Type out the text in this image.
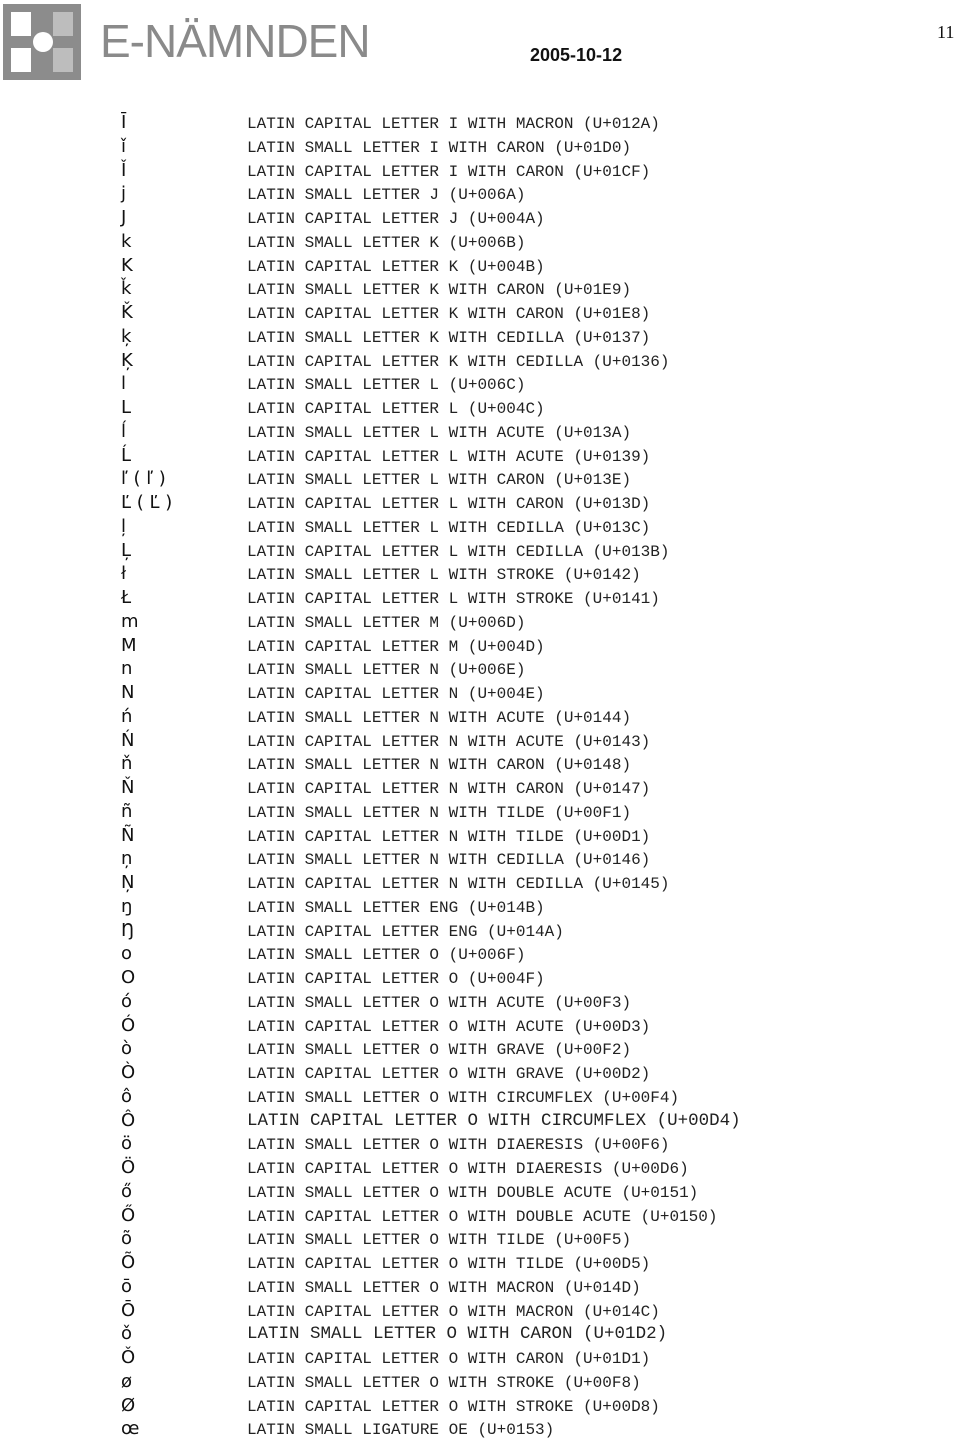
E-NÄMNDEN	2005-10-12
11
Ī	LATIN CAPITAL LETTER I WITH MACRON (U+012A)
ǐ	LATIN SMALL LETTER I WITH CARON (U+01D0)
Ǐ	LATIN CAPITAL LETTER I WITH CARON (U+01CF)
j	LATIN SMALL LETTER J (U+006A)
J	LATIN CAPITAL LETTER J (U+004A)
k	LATIN SMALL LETTER K (U+006B)
K	LATIN CAPITAL LETTER K (U+004B)
ǩ	LATIN SMALL LETTER K WITH CARON (U+01E9)
Ǩ	LATIN CAPITAL LETTER K WITH CARON (U+01E8)
ķ	LATIN SMALL LETTER K WITH CEDILLA (U+0137)
Ķ	LATIN CAPITAL LETTER K WITH CEDILLA (U+0136)
l	LATIN SMALL LETTER L (U+006C)
L	LATIN CAPITAL LETTER L (U+004C)
ĺ	LATIN SMALL LETTER L WITH ACUTE (U+013A)
Ĺ	LATIN CAPITAL LETTER L WITH ACUTE (U+0139)
ľ ( ľ )	LATIN SMALL LETTER L WITH CARON (U+013E)
Ľ ( Ľ )	LATIN CAPITAL LETTER L WITH CARON (U+013D)
ļ	LATIN SMALL LETTER L WITH CEDILLA (U+013C)
Ļ	LATIN CAPITAL LETTER L WITH CEDILLA (U+013B)
ł	LATIN SMALL LETTER L WITH STROKE (U+0142)
Ł	LATIN CAPITAL LETTER L WITH STROKE (U+0141)
m	LATIN SMALL LETTER M (U+006D)
M	LATIN CAPITAL LETTER M (U+004D)
n	LATIN SMALL LETTER N (U+006E)
N	LATIN CAPITAL LETTER N (U+004E)
ń	LATIN SMALL LETTER N WITH ACUTE (U+0144)
Ń	LATIN CAPITAL LETTER N WITH ACUTE (U+0143)
ň	LATIN SMALL LETTER N WITH CARON (U+0148)
Ň	LATIN CAPITAL LETTER N WITH CARON (U+0147)
ñ	LATIN SMALL LETTER N WITH TILDE (U+00F1)
Ñ	LATIN CAPITAL LETTER N WITH TILDE (U+00D1)
ņ	LATIN SMALL LETTER N WITH CEDILLA (U+0146)
Ņ	LATIN CAPITAL LETTER N WITH CEDILLA (U+0145)
ŋ	LATIN SMALL LETTER ENG (U+014B)
Ŋ	LATIN CAPITAL LETTER ENG (U+014A)
o	LATIN SMALL LETTER O (U+006F)
O	LATIN CAPITAL LETTER O (U+004F)
ó	LATIN SMALL LETTER O WITH ACUTE (U+00F3)
Ó	LATIN CAPITAL LETTER O WITH ACUTE (U+00D3)
ò	LATIN SMALL LETTER O WITH GRAVE (U+00F2)
Ò	LATIN CAPITAL LETTER O WITH GRAVE (U+00D2)
ô	LATIN SMALL LETTER O WITH CIRCUMFLEX (U+00F4)
Ô	LATIN CAPITAL LETTER O WITH CIRCUMFLEX (U+00D4)
ö	LATIN SMALL LETTER O WITH DIAERESIS (U+00F6)
Ö	LATIN CAPITAL LETTER O WITH DIAERESIS (U+00D6)
ő	LATIN SMALL LETTER O WITH DOUBLE ACUTE (U+0151)
Ő	LATIN CAPITAL LETTER O WITH DOUBLE ACUTE (U+0150)
õ	LATIN SMALL LETTER O WITH TILDE (U+00F5)
Õ	LATIN CAPITAL LETTER O WITH TILDE (U+00D5)
ō	LATIN SMALL LETTER O WITH MACRON (U+014D)
Ō	LATIN CAPITAL LETTER O WITH MACRON (U+014C)
ǒ	LATIN SMALL LETTER O WITH CARON (U+01D2)
Ǒ	LATIN CAPITAL LETTER O WITH CARON (U+01D1)
ø	LATIN SMALL LETTER O WITH STROKE (U+00F8)
Ø	LATIN CAPITAL LETTER O WITH STROKE (U+00D8)
œ	LATIN SMALL LIGATURE OE (U+0153)
